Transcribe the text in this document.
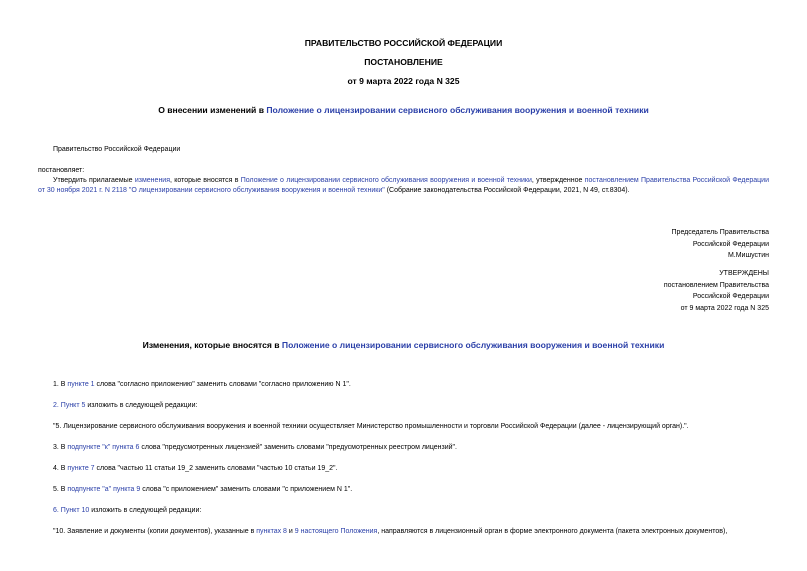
ПРАВИТЕЛЬСТВО РОССИЙСКОЙ ФЕДЕРАЦИИ
ПОСТАНОВЛЕНИЕ
от 9 марта 2022 года N 325
О внесении изменений в Положение о лицензировании сервисного обслуживания вооружения и военной техники
Правительство Российской Федерации
постановляет:
Утвердить прилагаемые изменения, которые вносятся в Положение о лицензировании сервисного обслуживания вооружения и военной техники, утвержденное постановлением Правительства Российской Федерации от 30 ноября 2021 г. N 2118 "О лицензировании сервисного обслуживания вооружения и военной техники" (Собрание законодательства Российской Федерации, 2021, N 49, ст.8304).
Председатель Правительства
Российской Федерации
М.Мишустин
УТВЕРЖДЕНЫ
постановлением Правительства
Российской Федерации
от 9 марта 2022 года N 325
Изменения, которые вносятся в Положение о лицензировании сервисного обслуживания вооружения и военной техники
1. В пункте 1 слова "согласно приложению" заменить словами "согласно приложению N 1".
2. Пункт 5 изложить в следующей редакции:
"5. Лицензирование сервисного обслуживания вооружения и военной техники осуществляет Министерство промышленности и торговли Российской Федерации (далее - лицензирующий орган).".
3. В подпункте "к" пункта 6 слова "предусмотренных лицензией" заменить словами "предусмотренных реестром лицензий".
4. В пункте 7 слова "частью 11 статьи 19_2 заменить словами "частью 10 статьи 19_2".
5. В подпункте "а" пункта 9 слова "с приложением" заменить словами "с приложением N 1".
6. Пункт 10 изложить в следующей редакции:
"10. Заявление и документы (копии документов), указанные в пунктах 8 и 9 настоящего Положения, направляются в лицензионный орган в форме электронного документа (пакета электронных документов),
